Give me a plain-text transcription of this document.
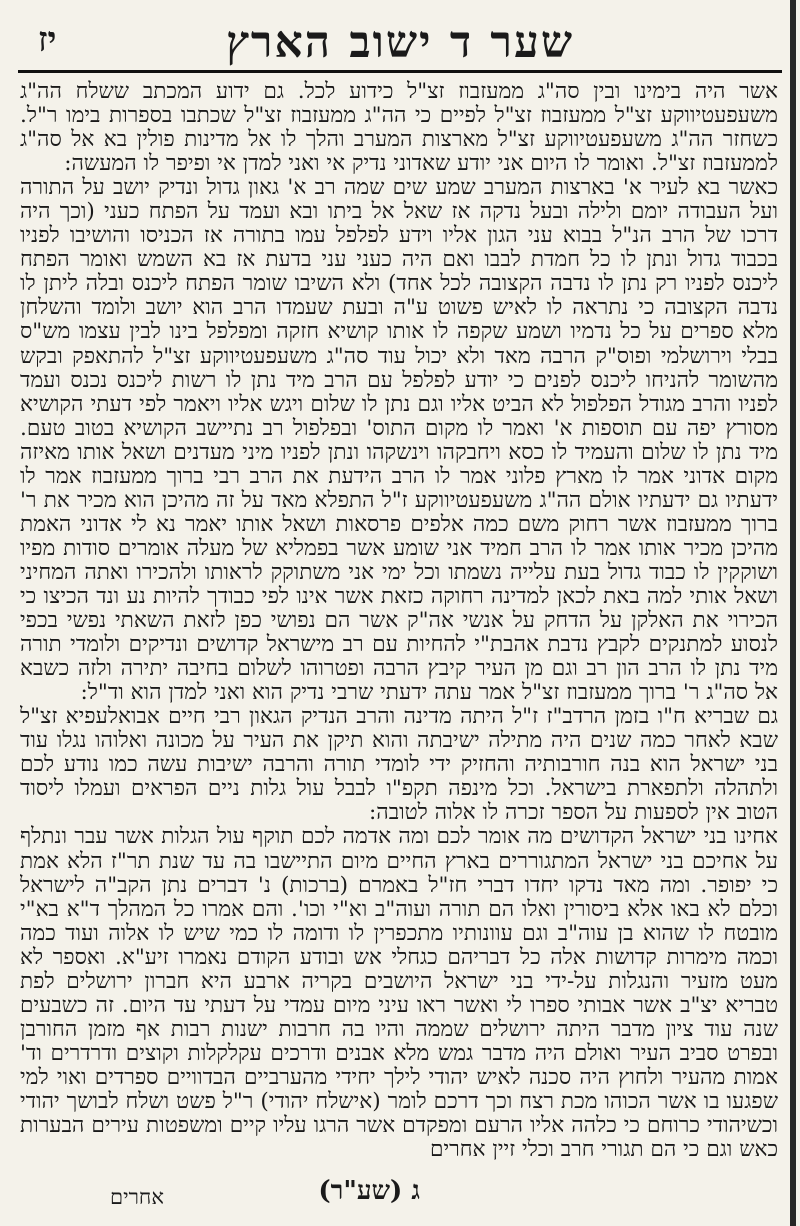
שער ד ישוב הארץ
יז

אשר היה בימינו ובין סה"ג ממעזבוז זצ"ל כידוע לכל. גם ידוע המכתב ששלח הה"ג משעפעטיווקע זצ"ל ממעזבוז זצ"ל לפיים כי הה"ג ממעזבוז זצ"ל שכתבו בספרות בימו ר"ל. כשחזר הה"ג משעפעטיווקע זצ"ל מארצות המערב והלך לו אל מדינות פולין בא אל סה"ג לממעזבוז זצ"ל. ואומר לו היום אני יודע שאדוני נדיק אי ואני למדן אי ופיפר לו המעשה:

כאשר בא לעיר א' בארצות המערב שמע שים שמה רב א' גאון גדול ונדיק יושב על התורה ועל העבודה יומם ולילה ובעל נדקה אז שאל אל ביתו ובא ועמד על הפתח כעני (וכך היה דרכו של הרב הנ"ל בבוא עני הגון אליו וידע לפלפל עמו בתורה אז הכניסו והושיבו לפניו בכבוד גדול ונתן לו כל חמדת לבבו ואם היה כעני עני בדעת אז בא השמש ואומר הפתח ליכנס לפניו רק נתן לו נדבה הקצובה לכל אחד) ולא השיבו שומר הפתח ליכנס ובלה ליתן לו נדבה הקצובה כי נתראה לו לאיש פשוט ע"ה ובעת שעמדו הרב הוא יושב ולומד והשלחן מלא ספרים על כל נדמיו ושמע שקפה לו אותו קושיא חזקה ומפלפל בינו לבין עצמו מש"ס בבלי וירושלמי ופוס"ק הרבה מאד ולא יכול עוד סה"ג משעפעטיווקע זצ"ל להתאפק ובקש מהשומר להניחו ליכנס לפנים כי יודע לפלפל עם הרב מיד נתן לו רשות ליכנס נכנס ועמד לפניו והרב מגודל הפלפול לא הביט אליו וגם נתן לו שלום ויגש אליו ויאמר לפי דעתי הקושיא מסורץ יפה עם תוספות א' ואמר לו מקום התוס' ובפלפול רב נתיישב הקושיא בטוב טעם. מיד נתן לו שלום והעמיד לו כסא ויחבקהו וינשקהו ונתן לפניו מיני מעדנים ושאל אותו מאיזה מקום אדוני אמר לו מארץ פלוני אמר לו הרב הידעת את הרב רבי ברוך ממעזבוז אמר לו ידעתיו גם ידעתיו אולם הה"ג משעפעטיווקע ז"ל התפלא מאד על זה מהיכן הוא מכיר את ר' ברוך ממעזבוז אשר רחוק משם כמה אלפים פרסאות ושאל אותו יאמר נא לי אדוני האמת מהיכן מכיר אותו אמר לו הרב חמיד אני שומע אשר בפמליא של מעלה אומרים סודות מפיו ושוקקין לו כבוד גדול בעת עלייה נשמתו וכל ימי אני משתוקק לראותו ולהכירו ואתה המחיני ושאל אותי למה באת לכאן למדינה רחוקה כזאת אשר אינו לפי כבודך להיות נע ונד הכיצו כי הכירוי את האלקן על הדחק על אנשי אה"ק אשר הם נפושי כפן לזאת השאתי נפשי בכפי לנסוע למתנקים לקבץ נדבת אהבת"י להחיות עם רב מישראל קדושים ונדיקים ולומדי תורה מיד נתן לו הרב הון רב וגם מן העיר קיבץ הרבה ופטרוהו לשלום בחיבה יתירה ולזה כשבא אל סה"ג ר' ברוך ממעזבוז זצ"ל אמר עתה ידעתי שרבי נדיק הוא ואני למדן הוא וד"ל:

גם שבריא ח"ו בזמן הרדב"ז ז"ל היתה מדינה והרב הנדיק הגאון רבי חיים אבואלעפיא זצ"ל שבא לאחר כמה שנים היה מתילה ישיבתה והוא תיקן את העיר על מכונה ואלוהו נגלו עוד בני ישראל הוא בנה חורבותיה והחזיק ידי לומדי תורה והרבה ישיבות עשה כמו נודע לכם ולתהלה ולתפארת בישראל. וכל מינפה תקפ"ו לבבל עול גלות ניים הפראים ועמלו ליסוד הטוב אין לספעות על הספר זכרה לו אלוה לטובה:

אחינו בני ישראל הקדושים מה אומר לכם ומה אדמה לכם תוקף עול הגלות אשר עבר ונתלף על אחיכם בני ישראל המתגוררים בארץ החיים מיום התיישבו בה עד שנת תר"ז הלא אמת כי יפופר. ומה מאד נדקו יחדו דברי חז"ל באמרם (ברכות) נ' דברים נתן הקב"ה לישראל וכלם לא באו אלא ביסורין ואלו הם תורה ועוה"ב וא"י וכו'. והם אמרו כל המהלך ד"א בא"י מובטח לו שהוא בן עוה"ב וגם עוונותיו מתכפרין לו ודומה לו כמי שיש לו אלוה ועוד כמה וכמה מימרות קדושות אלה כל דבריהם כגחלי אש ובודע הקודם נאמרו זיע"א. ואספר לא מעט מזעיר והנגלות על-ידי בני ישראל היושבים בקריה ארבע היא חברון ירושלים לפת טבריא יצ"ב אשר אבותי ספרו לי ואשר ראו עיני מיום עמדי על דעתי עד היום. זה כשבעים שנה עוד ציון מדבר היתה ירושלים שממה והיו בה חרבות ישנות רבות אף מזמן החורבן ובפרט סביב העיר ואולם היה מדבר גמש מלא אבנים ודרכים עקלקלות וקוצים ודרדרים וד' אמות מהעיר ולחוץ היה סכנה לאיש יהודי לילך יחידי מהערביים הבדוויים ספרדים ואוי למי שפגעו בו אשר הכוהו מכת רצח וכך דרכם לומר (אישלח יהודי) ר"ל פשט ושלח לבושך יהודי וכשיהודי כרוחם כי כלהה אליו הרעם ומפקדם אשר הרגו עליו קיים ומשפטות עירים הבערות כאש וגם כי הם תגורי חרב וכלי זיין אחרים

ג (שע"ר)
אחרים
